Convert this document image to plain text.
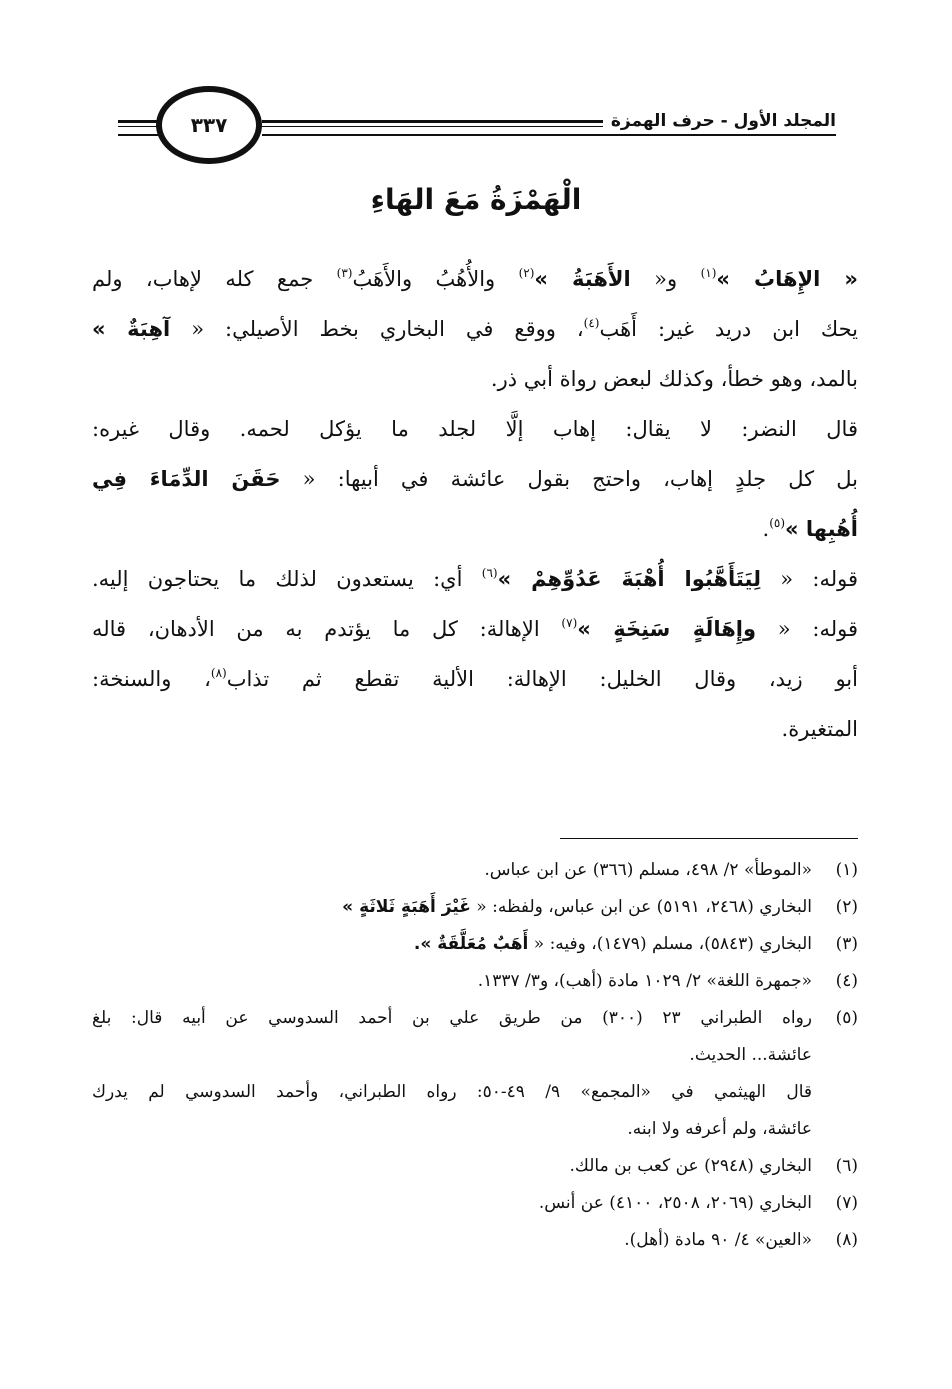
المجلد الأول - حرف الهمزة
٣٣٧
الْهَمْزَةُ مَعَ الهَاءِ
« الإِهَابُ »$^{(١)}$ و« الأَهَبَةُ »$^{(٢)}$ والأُهُبُ والأَهَبُ$^{(٣)}$ جمع كله لإهاب، ولم
يحك ابن دريد غير: أَهَب$^{(٤)}$، ووقع في البخاري بخط الأصيلي: « آهِبَةٌ »
بالمد، وهو خطأ، وكذلك لبعض رواة أبي ذر.
قال النضر: لا يقال: إهاب إلَّا لجلد ما يؤكل لحمه. وقال غيره:
بل كل جلدٍ إهاب، واحتج بقول عائشة في أبيها: « حَقَنَ الدِّمَاءَ فِي
أُهُبِها »$^{(٥)}$.
قوله: « لِيَتَأَهَّبُوا أُهْبَةَ عَدُوِّهِمْ »$^{(٦)}$ أي: يستعدون لذلك ما يحتاجون إليه.
قوله: « وإِهَالَةٍ سَنِخَةٍ »$^{(٧)}$ الإهالة: كل ما يؤتدم به من الأدهان، قاله
أبو زيد، وقال الخليل: الإهالة: الألية تقطع ثم تذاب$^{(٨)}$، والسنخة:
المتغيرة.
(١)
«الموطأ» ٢/ ٤٩٨، مسلم (٣٦٦) عن ابن عباس.
(٢)
البخاري (٢٤٦٨، ٥١٩١) عن ابن عباس، ولفظه: « غَيْرَ أَهَبَةٍ ثَلاثَةٍ »
(٣)
البخاري (٥٨٤٣)، مسلم (١٤٧٩)، وفيه: « أَهَبٌ مُعَلَّقَةٌ ».
(٤)
«جمهرة اللغة» ٢/ ١٠٢٩ مادة (أهب)، و٣/ ١٣٣٧.
(٥)
رواه الطبراني ٢٣ (٣٠٠) من طريق علي بن أحمد السدوسي عن أبيه قال: بلغ
عائشة... الحديث.
قال الهيثمي في «المجمع» ٩/ ٤٩-٥٠: رواه الطبراني، وأحمد السدوسي لم يدرك
عائشة، ولم أعرفه ولا ابنه.
(٦)
البخاري (٢٩٤٨) عن كعب بن مالك.
(٧)
البخاري (٢٠٦٩، ٢٥٠٨، ٤١٠٠) عن أنس.
(٨)
«العين» ٤/ ٩٠ مادة (أهل).
